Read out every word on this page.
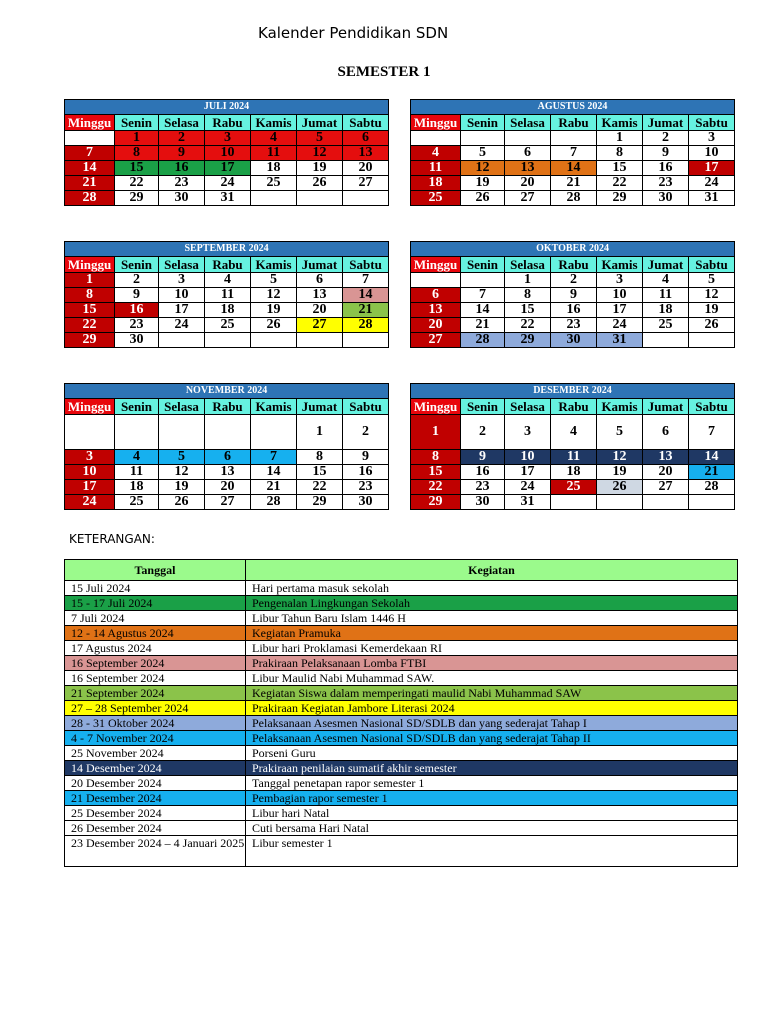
Kalender Pendidikan SDN
SEMESTER 1
JULI 2024						
Minggu	Senin	Selasa	Rabu	Kamis	Jumat	Sabtu
	1	2	3	4	5	6
7	8	9	10	11	12	13
14	15	16	17	18	19	20
21	22	23	24	25	26	27
28	29	30	31			
AGUSTUS 2024						
Minggu	Senin	Selasa	Rabu	Kamis	Jumat	Sabtu
				1	2	3
4	5	6	7	8	9	10
11	12	13	14	15	16	17
18	19	20	21	22	23	24
25	26	27	28	29	30	31
SEPTEMBER 2024						
Minggu	Senin	Selasa	Rabu	Kamis	Jumat	Sabtu
1	2	3	4	5	6	7
8	9	10	11	12	13	14
15	16	17	18	19	20	21
22	23	24	25	26	27	28
29	30					
OKTOBER 2024						
Minggu	Senin	Selasa	Rabu	Kamis	Jumat	Sabtu
		1	2	3	4	5
6	7	8	9	10	11	12
13	14	15	16	17	18	19
20	21	22	23	24	25	26
27	28	29	30	31		
NOVEMBER 2024						
Minggu	Senin	Selasa	Rabu	Kamis	Jumat	Sabtu
					1	2
3	4	5	6	7	8	9
10	11	12	13	14	15	16
17	18	19	20	21	22	23
24	25	26	27	28	29	30
DESEMBER 2024						
Minggu	Senin	Selasa	Rabu	Kamis	Jumat	Sabtu
1	2	3	4	5	6	7
8	9	10	11	12	13	14
15	16	17	18	19	20	21
22	23	24	25	26	27	28
29	30	31				
KETERANGAN:
Tanggal	Kegiatan
15 Juli 2024	Hari pertama masuk sekolah
15 - 17 Juli 2024	Pengenalan Lingkungan Sekolah
7 Juli 2024	Libur Tahun Baru Islam 1446 H
12 - 14 Agustus 2024	Kegiatan Pramuka
17 Agustus 2024	Libur hari Proklamasi Kemerdekaan RI
16 September 2024	Prakiraan Pelaksanaan Lomba FTBI
16 September 2024	Libur Maulid Nabi Muhammad SAW.
21 September 2024	Kegiatan Siswa dalam memperingati maulid Nabi Muhammad SAW
27 – 28 September 2024	Prakiraan Kegiatan Jambore Literasi 2024
28 - 31 Oktober 2024	Pelaksanaan Asesmen Nasional SD/SDLB dan yang sederajat Tahap I
4 - 7 November 2024	Pelaksanaan Asesmen Nasional SD/SDLB dan yang sederajat Tahap II
25 November 2024	Porseni Guru
14 Desember 2024	Prakiraan penilaian sumatif akhir semester
20 Desember 2024	Tanggal penetapan rapor semester 1
21 Desember 2024	Pembagian rapor semester 1
25 Desember 2024	Libur hari Natal
26 Desember 2024	Cuti bersama Hari Natal
23 Desember 2024 – 4 Januari 2025	Libur semester 1
